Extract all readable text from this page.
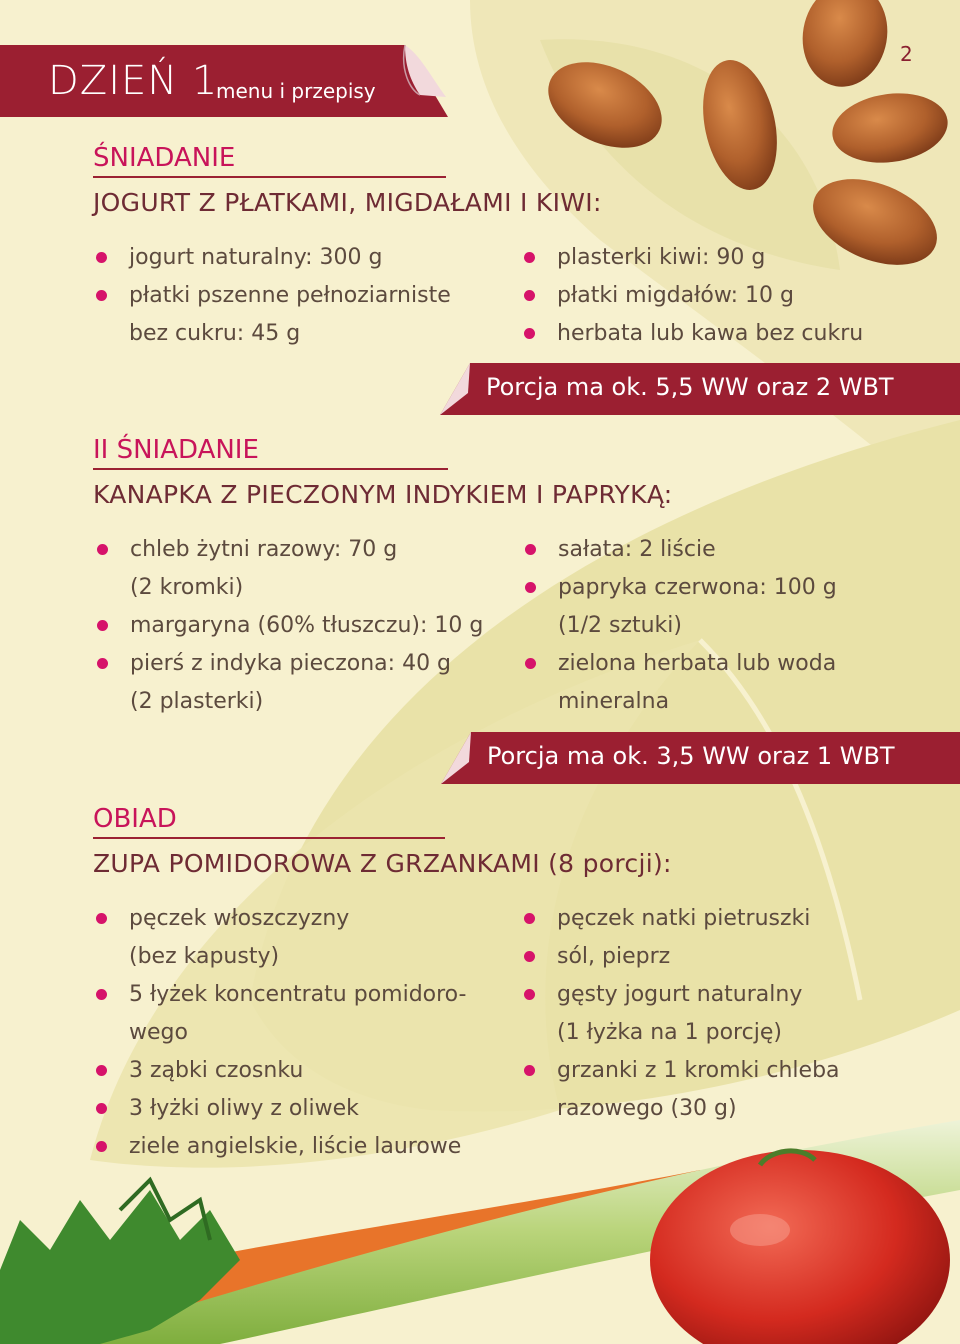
DZIEŃ 1
menu i przepisy
2
ŚNIADANIE
JOGURT Z PŁATKAMI, MIGDAŁAMI I KIWI:
jogurt naturalny: 300 g
płatki pszenne pełnoziarniste
bez cukru: 45 g
plasterki kiwi: 90 g
płatki migdałów: 10 g
herbata lub kawa bez cukru
Porcja ma ok. 5,5 WW oraz 2 WBT
II ŚNIADANIE
KANAPKA Z PIECZONYM INDYKIEM I PAPRYKĄ:
chleb żytni razowy: 70 g
(2 kromki)
margaryna (60% tłuszczu): 10 g
pierś z indyka pieczona: 40 g
(2 plasterki)
sałata: 2 liście
papryka czerwona: 100 g
(1/2 sztuki)
zielona herbata lub woda
mineralna
Porcja ma ok. 3,5 WW oraz 1 WBT
OBIAD
ZUPA POMIDOROWA Z GRZANKAMI (8 porcji):
pęczek włoszczyzny
(bez kapusty)
5 łyżek koncentratu pomidoro-
wego
3 ząbki czosnku
3 łyżki oliwy z oliwek
ziele angielskie, liście laurowe
pęczek natki pietruszki
sól, pieprz
gęsty jogurt naturalny
(1 łyżka na 1 porcję)
grzanki z 1 kromki chleba
razowego (30 g)
